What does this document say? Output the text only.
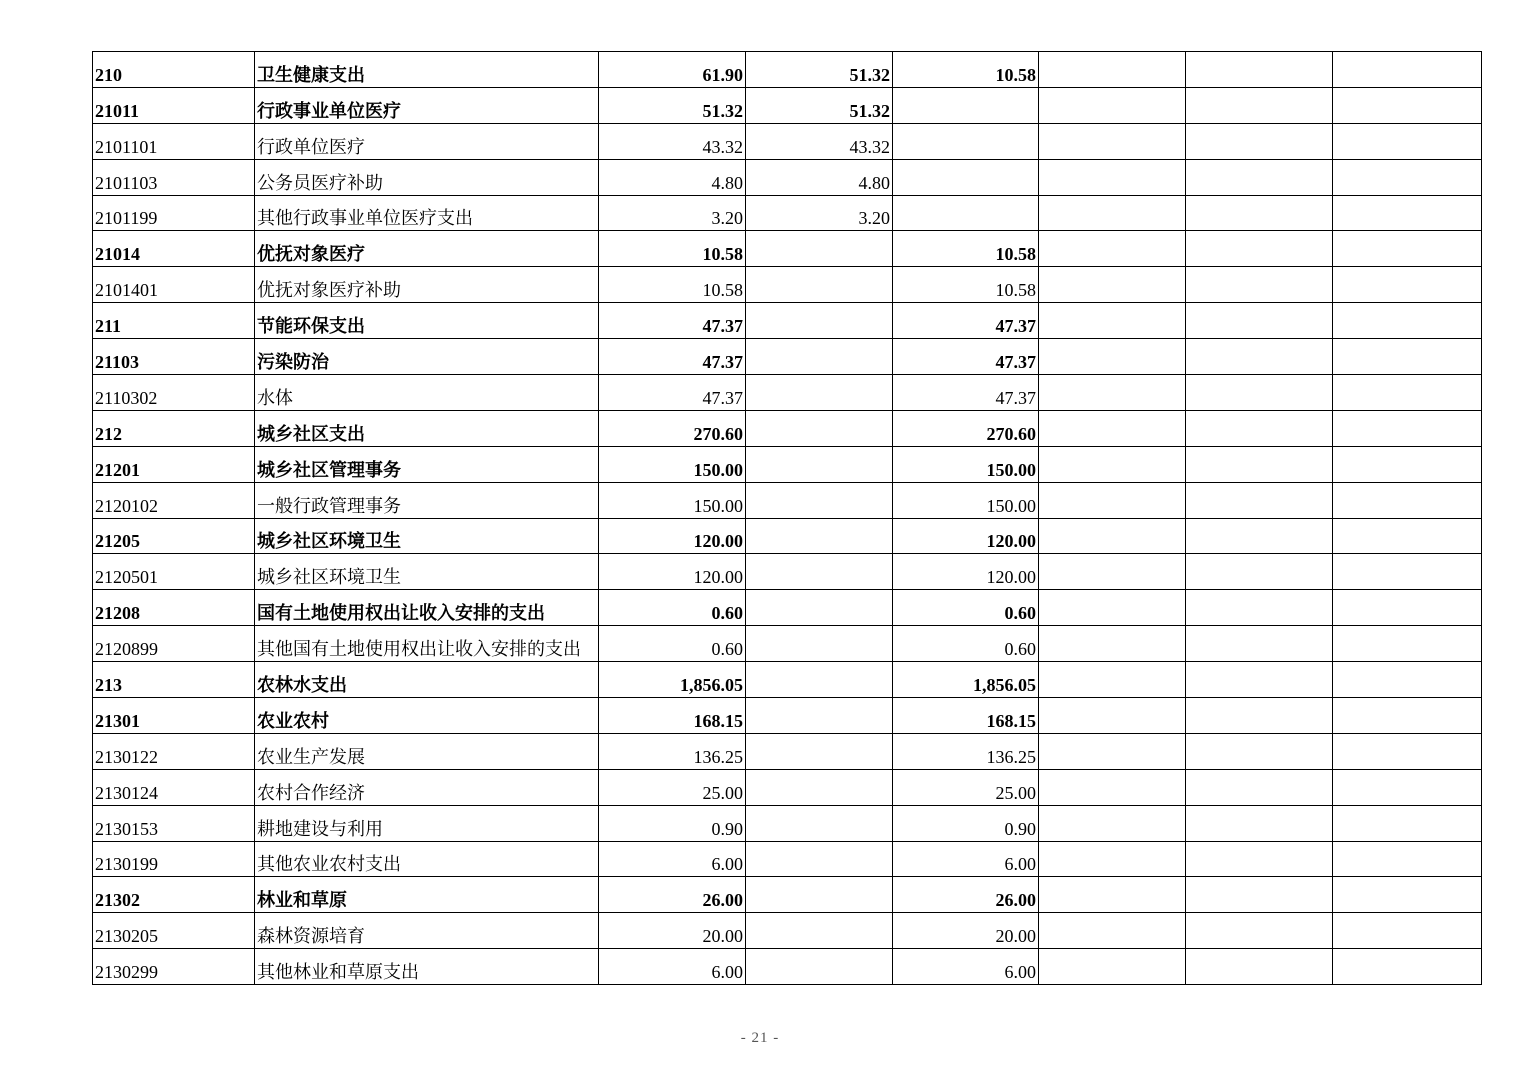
210	卫生健康支出	61.90	51.32	10.58			
21011	行政事业单位医疗	51.32	51.32				
2101101	行政单位医疗	43.32	43.32				
2101103	公务员医疗补助	4.80	4.80				
2101199	其他行政事业单位医疗支出	3.20	3.20				
21014	优抚对象医疗	10.58		10.58			
2101401	优抚对象医疗补助	10.58		10.58			
211	节能环保支出	47.37		47.37			
21103	污染防治	47.37		47.37			
2110302	水体	47.37		47.37			
212	城乡社区支出	270.60		270.60			
21201	城乡社区管理事务	150.00		150.00			
2120102	一般行政管理事务	150.00		150.00			
21205	城乡社区环境卫生	120.00		120.00			
2120501	城乡社区环境卫生	120.00		120.00			
21208	国有土地使用权出让收入安排的支出	0.60		0.60			
2120899	其他国有土地使用权出让收入安排的支出	0.60		0.60			
213	农林水支出	1,856.05		1,856.05			
21301	农业农村	168.15		168.15			
2130122	农业生产发展	136.25		136.25			
2130124	农村合作经济	25.00		25.00			
2130153	耕地建设与利用	0.90		0.90			
2130199	其他农业农村支出	6.00		6.00			
21302	林业和草原	26.00		26.00			
2130205	森林资源培育	20.00		20.00			
2130299	其他林业和草原支出	6.00		6.00			
- 21 -
